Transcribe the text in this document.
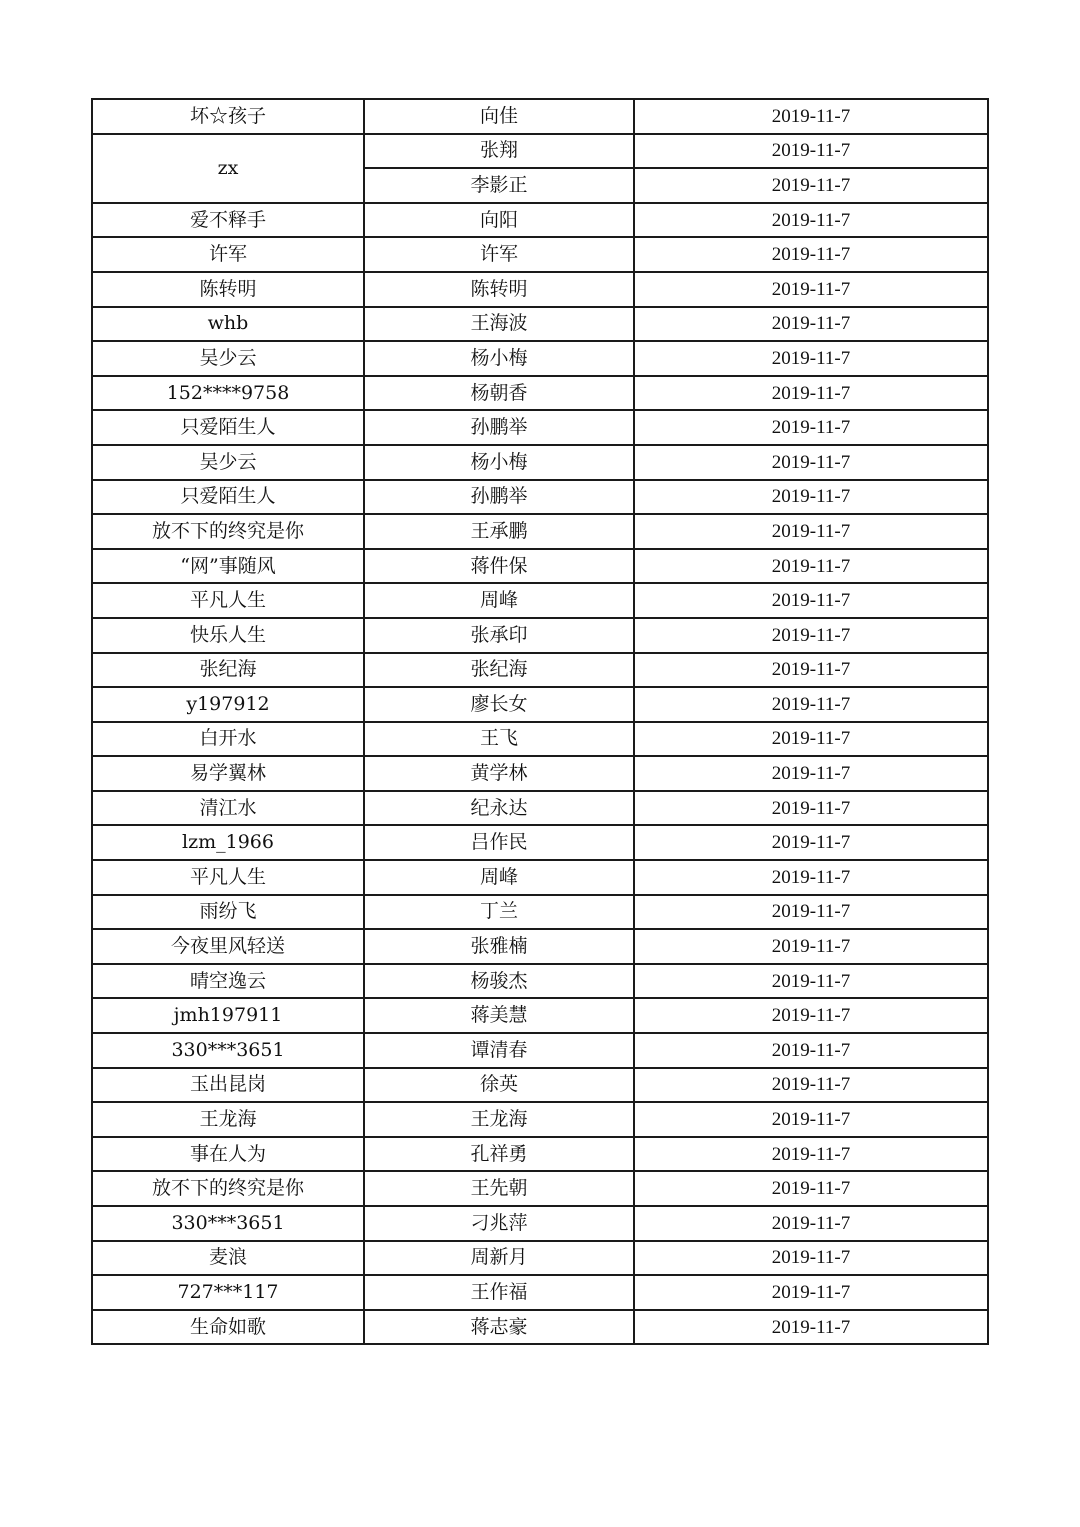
坏☆孩子	向佳	2019-11-7
zx	张翔	2019-11-7
	李影正	2019-11-7
爱不释手	向阳	2019-11-7
许军	许军	2019-11-7
陈转明	陈转明	2019-11-7
whb	王海波	2019-11-7
吴少云	杨小梅	2019-11-7
152****9758	杨朝香	2019-11-7
只爱陌生人	孙鹏举	2019-11-7
吴少云	杨小梅	2019-11-7
只爱陌生人	孙鹏举	2019-11-7
放不下的终究是你	王承鹏	2019-11-7
“网”事随风	蒋件保	2019-11-7
平凡人生	周峰	2019-11-7
快乐人生	张承印	2019-11-7
张纪海	张纪海	2019-11-7
y197912	廖长女	2019-11-7
白开水	王飞	2019-11-7
易学翼林	黄学林	2019-11-7
清江水	纪永达	2019-11-7
lzm_1966	吕作民	2019-11-7
平凡人生	周峰	2019-11-7
雨纷飞	丁兰	2019-11-7
今夜里风轻送	张雅楠	2019-11-7
晴空逸云	杨骏杰	2019-11-7
jmh197911	蒋美慧	2019-11-7
330***3651	谭清春	2019-11-7
玉出昆岗	徐英	2019-11-7
王龙海	王龙海	2019-11-7
事在人为	孔祥勇	2019-11-7
放不下的终究是你	王先朝	2019-11-7
330***3651	刁兆萍	2019-11-7
麦浪	周新月	2019-11-7
727***117	王作福	2019-11-7
生命如歌	蒋志豪	2019-11-7
